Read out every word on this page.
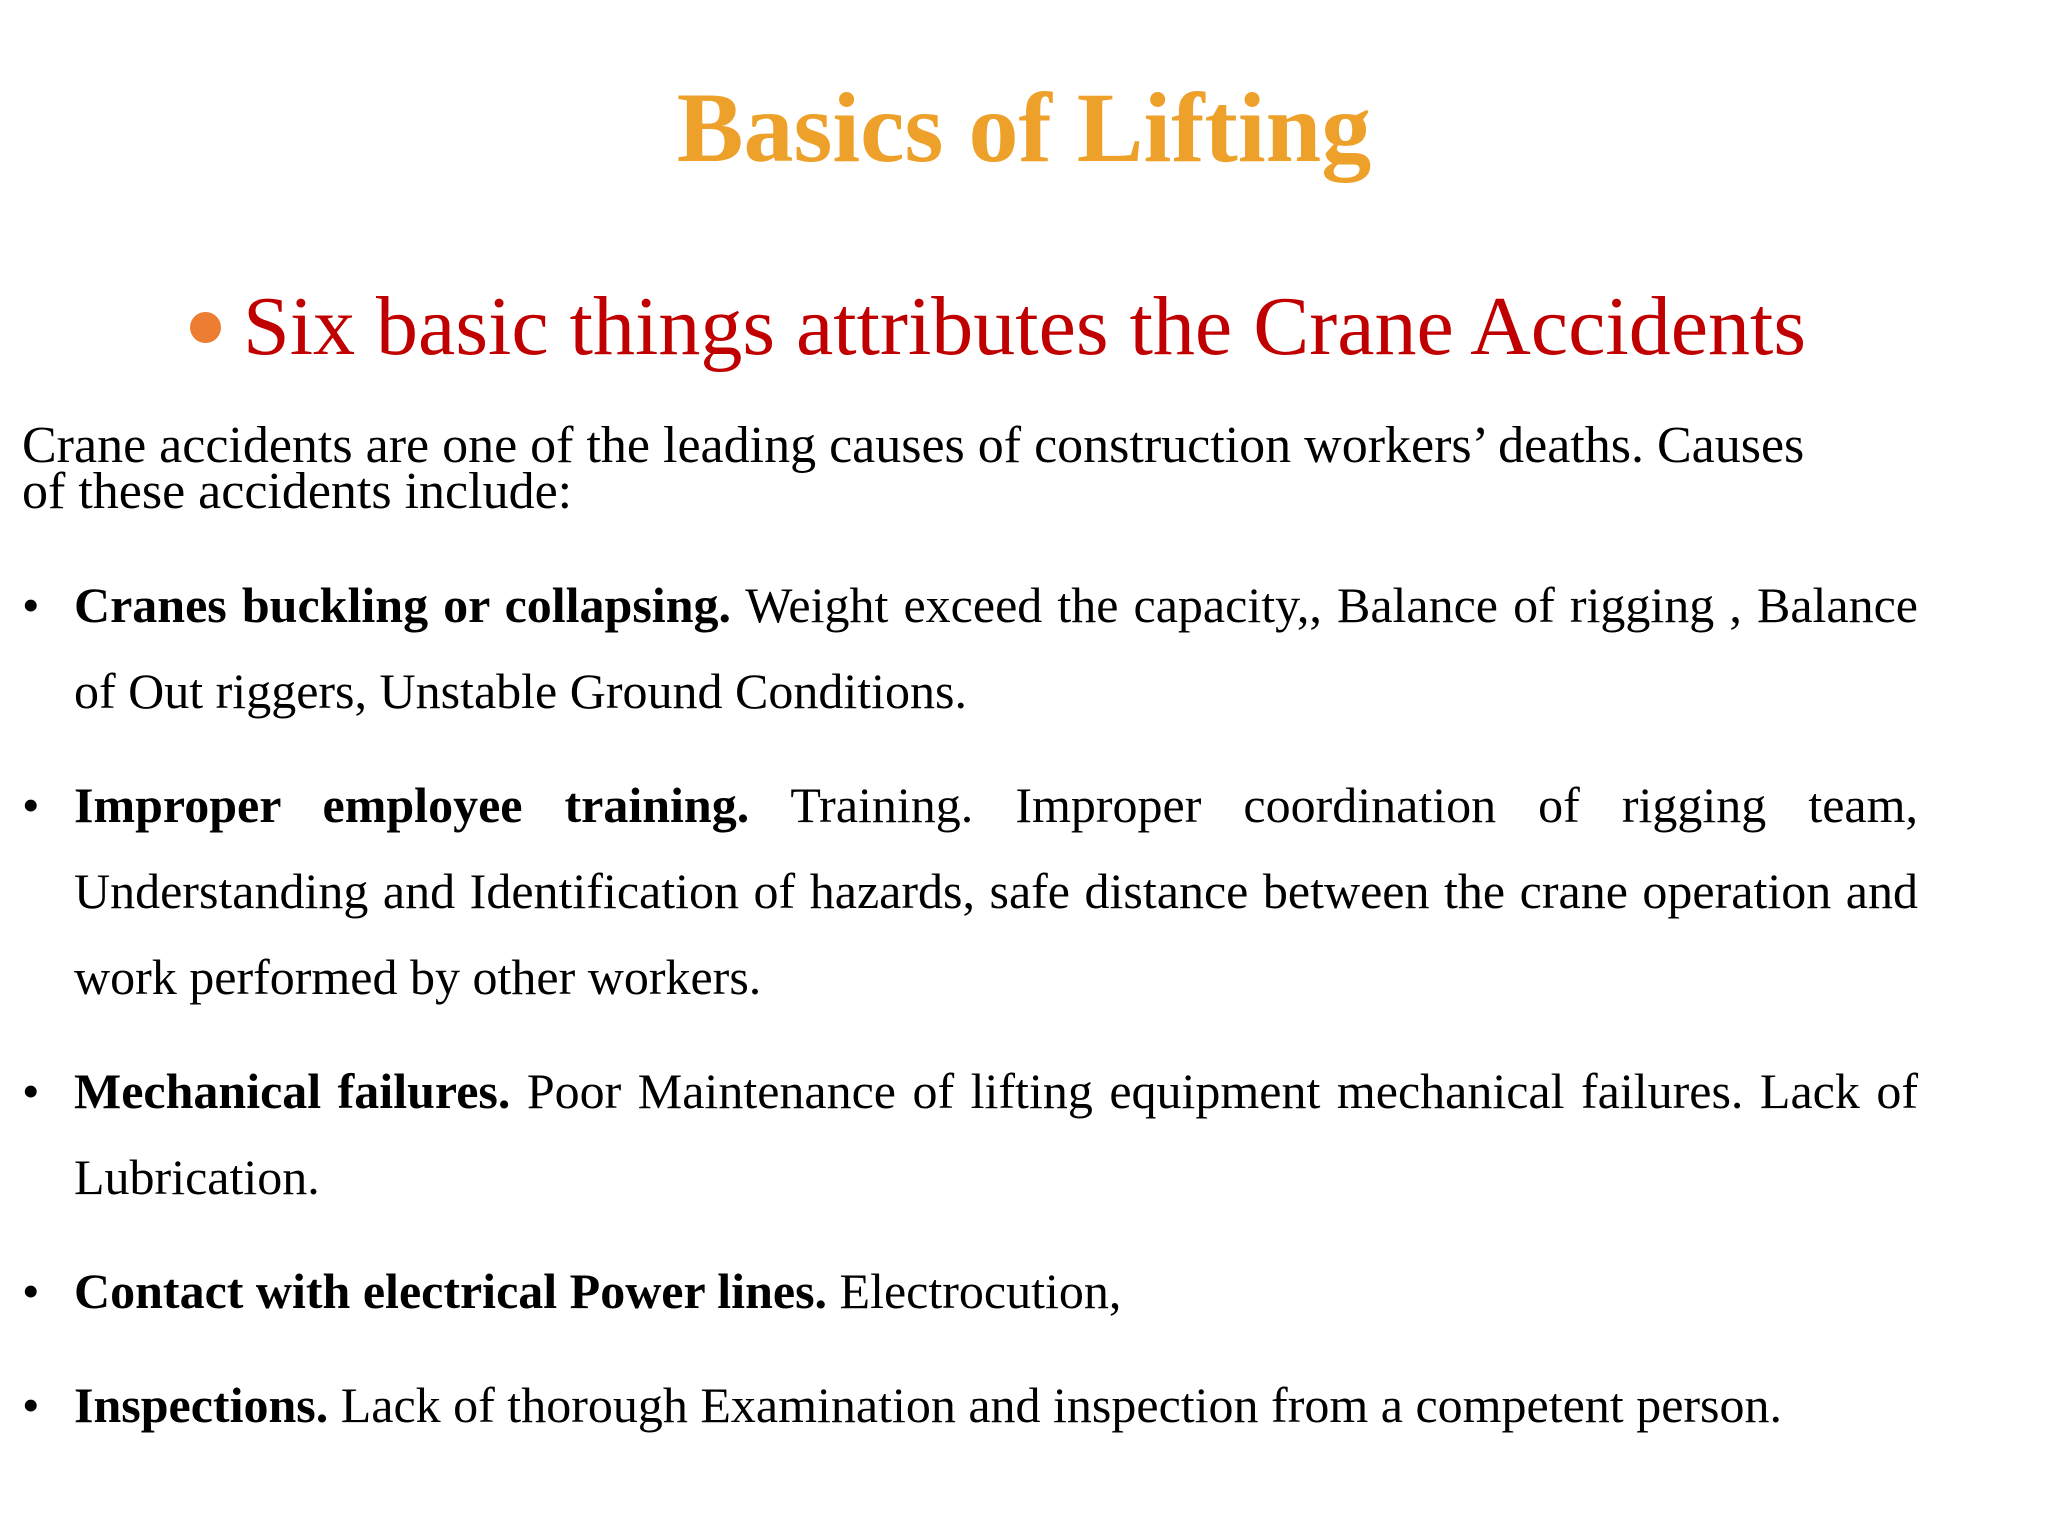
Basics of Lifting
Six basic things attributes the Crane Accidents
Crane accidents are one of the leading causes of construction workers’ deaths. Causes
of these accidents include:
• Cranes buckling or collapsing. Weight exceed the capacity,, Balance of rigging , Balance of Out riggers, Unstable Ground Conditions.
• Improper employee training. Training. Improper coordination of rigging team, Understanding and Identification of hazards, safe distance between the crane operation and work performed by other workers.
• Mechanical failures. Poor Maintenance of lifting equipment mechanical failures. Lack of Lubrication.
• Contact with electrical Power lines. Electrocution,
• Inspections. Lack of thorough Examination and inspection from a competent person.
